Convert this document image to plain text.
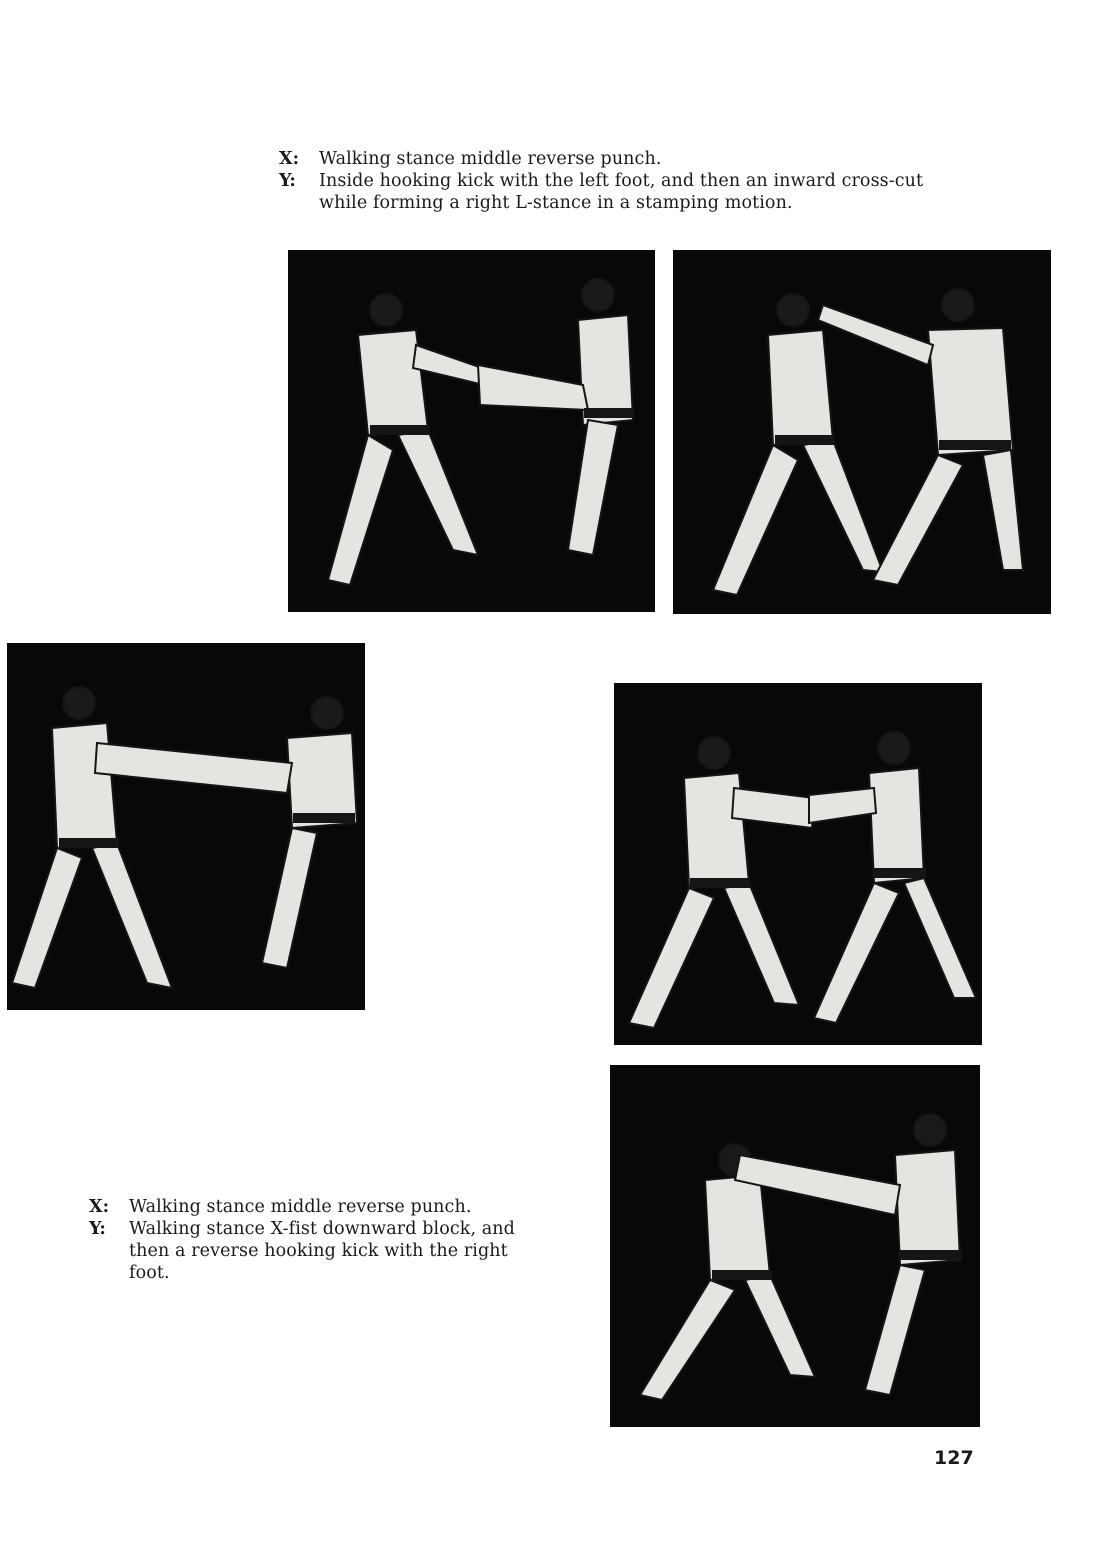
X:	Walking stance middle reverse punch.
Y:	Inside hooking kick with the left foot, and then an inward cross-cut
while forming a right L-stance in a stamping motion.
X:	Walking stance middle reverse punch.
Y:	Walking stance X-fist downward block, and
then a reverse hooking kick with the right
foot.
127
